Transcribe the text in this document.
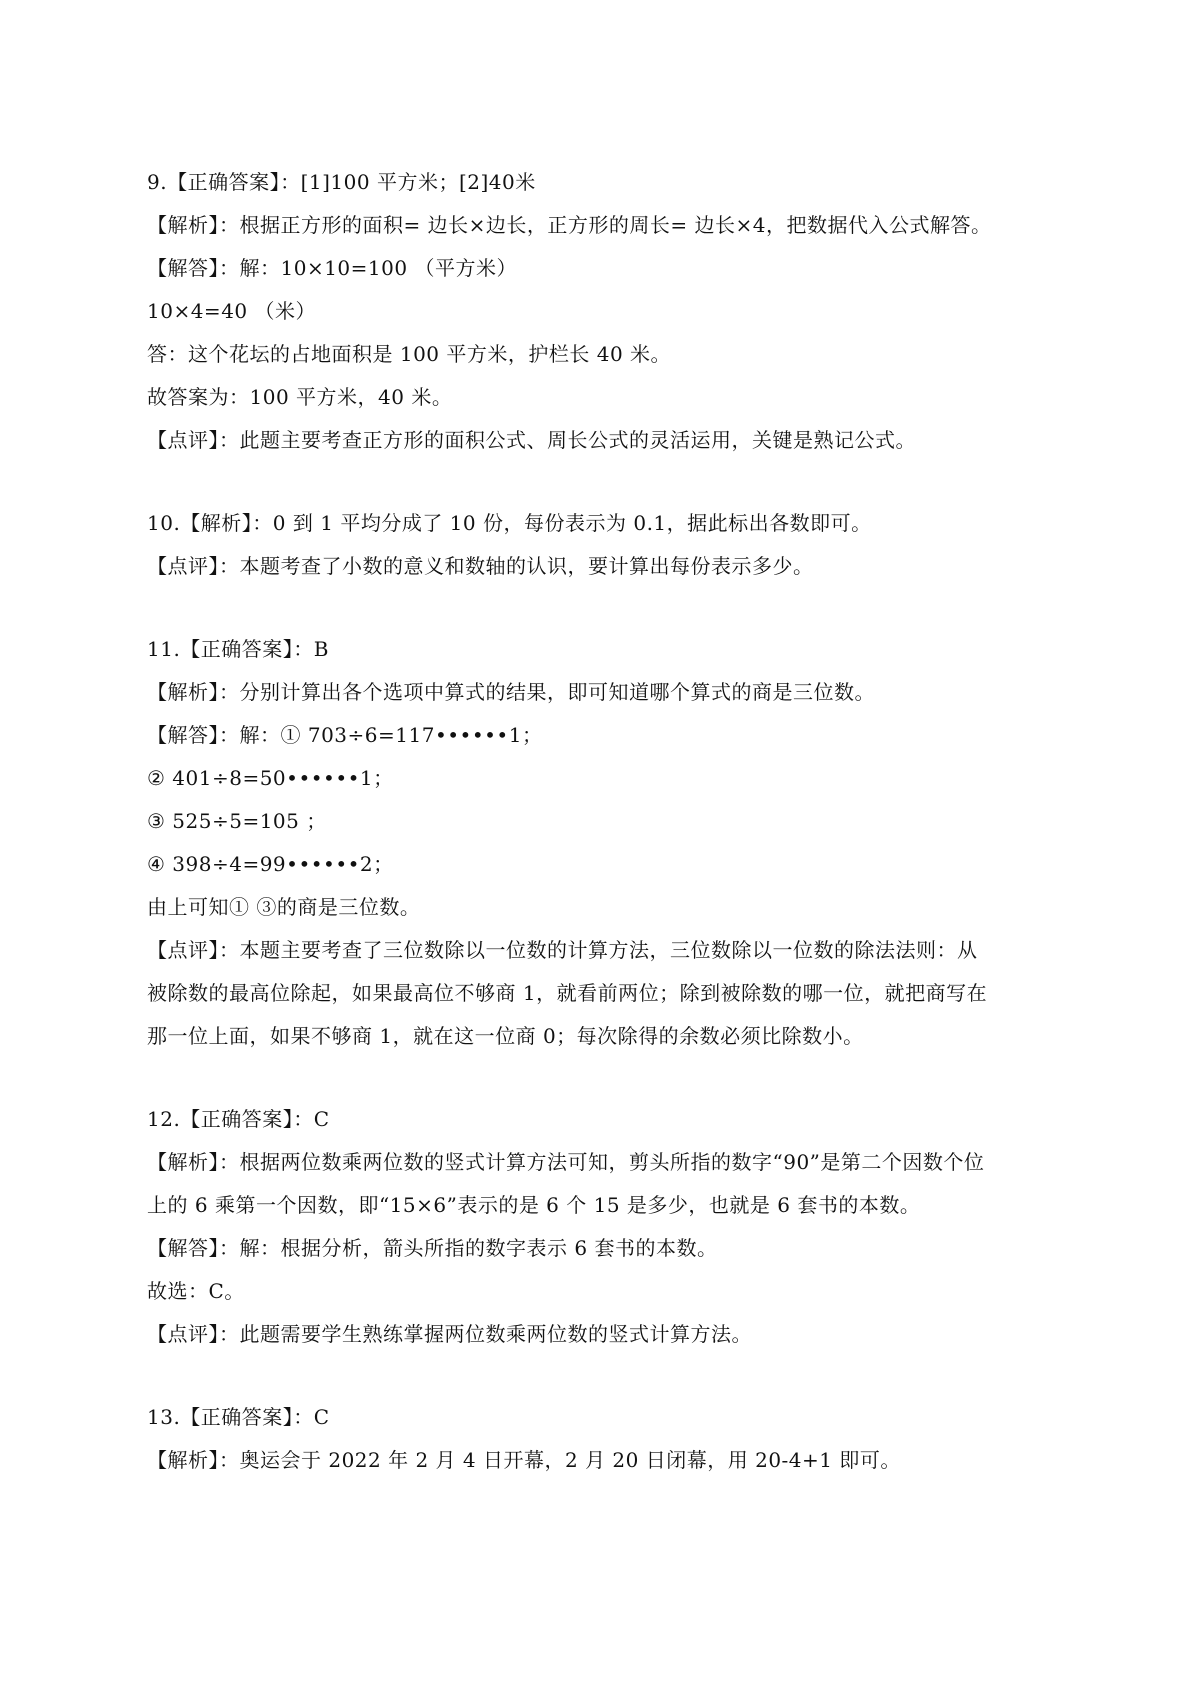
9.【正确答案】：[1]100 平方米；[2]40米
【解析】：根据正方形的面积= 边长×边长，正方形的周长= 边长×4，把数据代入公式解答。
【解答】：解：10×10=100 （平方米）
10×4=40 （米）
答：这个花坛的占地面积是 100 平方米，护栏长 40 米。
故答案为：100 平方米，40 米。
【点评】：此题主要考查正方形的面积公式、周长公式的灵活运用，关键是熟记公式。
10.【解析】：0 到 1 平均分成了 10 份，每份表示为 0.1，据此标出各数即可。
【点评】：本题考查了小数的意义和数轴的认识，要计算出每份表示多少。
11.【正确答案】：B
【解析】：分别计算出各个选项中算式的结果，即可知道哪个算式的商是三位数。
【解答】：解：① 703÷6=117••••••1；
② 401÷8=50••••••1；
③ 525÷5=105 ；
④ 398÷4=99••••••2；
由上可知① ③的商是三位数。
【点评】：本题主要考查了三位数除以一位数的计算方法，三位数除以一位数的除法法则：从
被除数的最高位除起，如果最高位不够商 1，就看前两位；除到被除数的哪一位，就把商写在
那一位上面，如果不够商 1，就在这一位商 0；每次除得的余数必须比除数小。
12.【正确答案】：C
【解析】：根据两位数乘两位数的竖式计算方法可知，剪头所指的数字“90”是第二个因数个位
上的 6 乘第一个因数，即“15×6”表示的是 6 个 15 是多少，也就是 6 套书的本数。
【解答】：解：根据分析，箭头所指的数字表示 6 套书的本数。
故选：C。
【点评】：此题需要学生熟练掌握两位数乘两位数的竖式计算方法。
13.【正确答案】：C
【解析】：奥运会于 2022 年 2 月 4 日开幕，2 月 20 日闭幕，用 20-4+1 即可。
